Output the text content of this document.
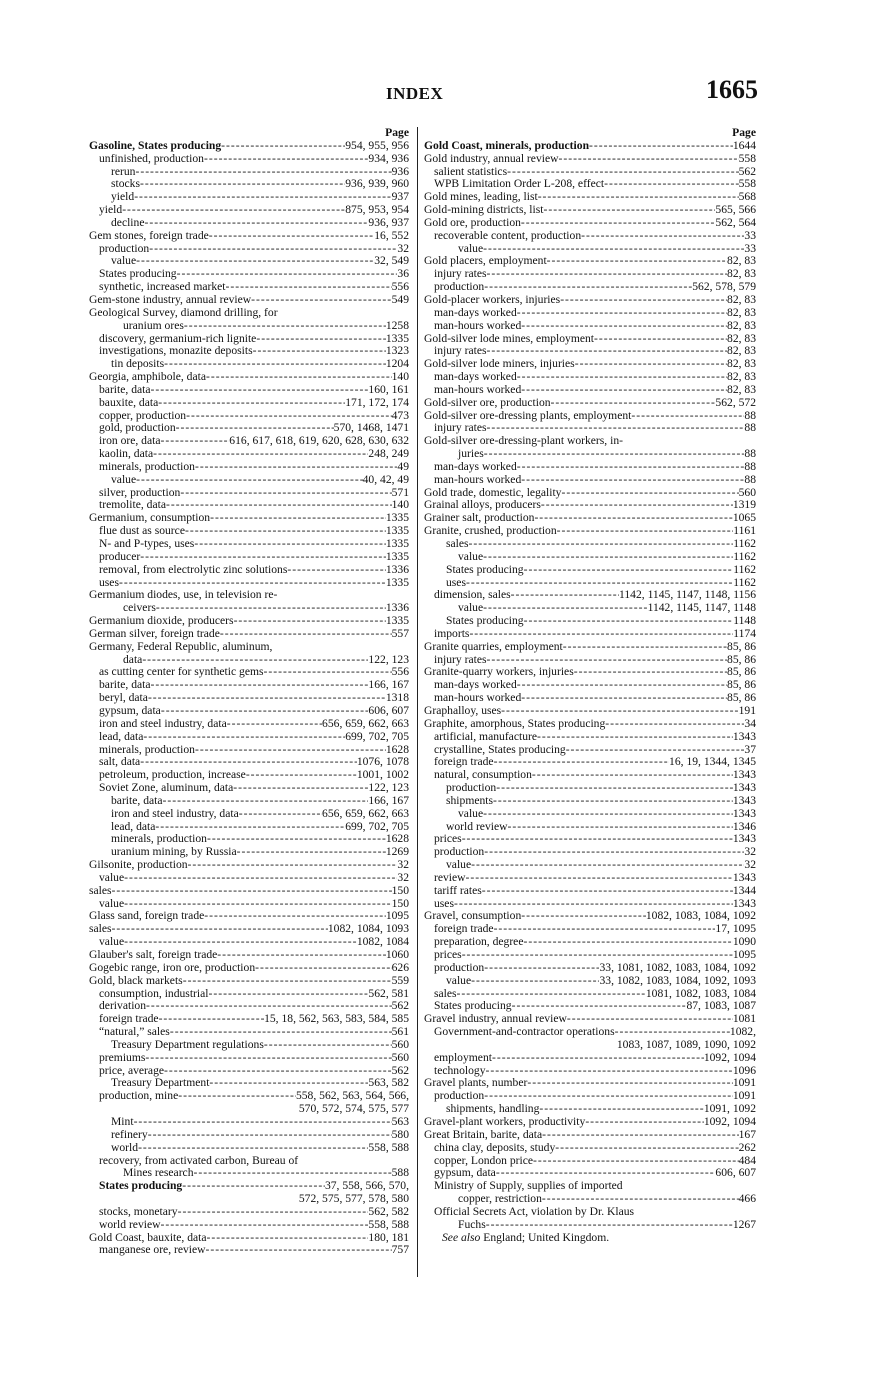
INDEX	1665
Page
Gasoline, States producing -----	954, 955, 956
unfinished, production -----	934, 936
rerun -----	936
stocks -----	936, 939, 960
yield -----	937
yield -----	875, 953, 954
decline -----	936, 937
Gem stones, foreign trade -----	16, 552
production -----	32
value -----	32, 549
States producing -----	36
synthetic, increased market -----	556
Gem-stone industry, annual review -----	549
Geological Survey, diamond drilling, for
uranium ores -----	1258
discovery, germanium-rich lignite -----	1335
investigations, monazite deposits -----	1323
tin deposits -----	1204
Georgia, amphibole, data -----	140
barite, data -----	160, 161
bauxite, data -----	171, 172, 174
copper, production -----	473
gold, production -----	570, 1468, 1471
iron ore, data -----	616, 617, 618, 619, 620, 628, 630, 632
kaolin, data -----	248, 249
minerals, production -----	49
value -----	40, 42, 49
silver, production -----	571
tremolite, data -----	140
Germanium, consumption -----	1335
flue dust as source -----	1335
N- and P-types, uses -----	1335
producer -----	1335
removal, from electrolytic zinc solutions -----	1336
uses -----	1335
Germanium diodes, use, in television re-
ceivers -----	1336
Germanium dioxide, producers -----	1335
German silver, foreign trade -----	557
Germany, Federal Republic, aluminum,
data -----	122, 123
as cutting center for synthetic gems -----	556
barite, data -----	166, 167
beryl, data -----	1318
gypsum, data -----	606, 607
iron and steel industry, data -----	656, 659, 662, 663
lead, data -----	699, 702, 705
minerals, production -----	1628
salt, data -----	1076, 1078
petroleum, production, increase -----	1001, 1002
Soviet Zone, aluminum, data -----	122, 123
barite, data -----	166, 167
iron and steel industry, data -----	656, 659, 662, 663
lead, data -----	699, 702, 705
minerals, production -----	1628
uranium mining, by Russia -----	1269
Gilsonite, production -----	32
value -----	32
sales -----	150
value -----	150
Glass sand, foreign trade -----	1095
sales -----	1082, 1084, 1093
value -----	1082, 1084
Glauber's salt, foreign trade -----	1060
Gogebic range, iron ore, production -----	626
Gold, black markets -----	559
consumption, industrial -----	562, 581
derivation -----	562
foreign trade -----	15, 18, 562, 563, 583, 584, 585
“natural,” sales -----	561
Treasury Department regulations -----	560
premiums -----	560
price, average -----	562
Treasury Department -----	563, 582
production, mine -----	558, 562, 563, 564, 566,
570, 572, 574, 575, 577
Mint -----	563
refinery -----	580
world -----	558, 588
recovery, from activated carbon, Bureau of
Mines research -----	588
States producing -----	37, 558, 566, 570,
572, 575, 577, 578, 580
stocks, monetary -----	562, 582
world review -----	558, 588
Gold Coast, bauxite, data -----	180, 181
manganese ore, review -----	757
Page
Gold Coast, minerals, production -----	1644
Gold industry, annual review -----	558
salient statistics -----	562
WPB Limitation Order L-208, effect -----	558
Gold mines, leading, list -----	568
Gold-mining districts, list -----	565, 566
Gold ore, production -----	562, 564
recoverable content, production -----	33
value -----	33
Gold placers, employment -----	82, 83
injury rates -----	82, 83
production -----	562, 578, 579
Gold-placer workers, injuries -----	82, 83
man-days worked -----	82, 83
man-hours worked -----	82, 83
Gold-silver lode mines, employment -----	82, 83
injury rates -----	82, 83
Gold-silver lode miners, injuries -----	82, 83
man-days worked -----	82, 83
man-hours worked -----	82, 83
Gold-silver ore, production -----	562, 572
Gold-silver ore-dressing plants, employment -----	88
injury rates -----	88
Gold-silver ore-dressing-plant workers, in-
juries -----	88
man-days worked -----	88
man-hours worked -----	88
Gold trade, domestic, legality -----	560
Grainal alloys, producers -----	1319
Grainer salt, production -----	1065
Granite, crushed, production -----	1161
sales -----	1162
value -----	1162
States producing -----	1162
uses -----	1162
dimension, sales -----	1142, 1145, 1147, 1148, 1156
value -----	1142, 1145, 1147, 1148
States producing -----	1148
imports -----	1174
Granite quarries, employment -----	85, 86
injury rates -----	85, 86
Granite-quarry workers, injuries -----	85, 86
man-days worked -----	85, 86
man-hours worked -----	85, 86
Graphalloy, uses -----	191
Graphite, amorphous, States producing -----	34
artificial, manufacture -----	1343
crystalline, States producing -----	37
foreign trade -----	16, 19, 1344, 1345
natural, consumption -----	1343
production -----	1343
shipments -----	1343
value -----	1343
world review -----	1346
prices -----	1343
production -----	32
value -----	32
review -----	1343
tariff rates -----	1344
uses -----	1343
Gravel, consumption -----	1082, 1083, 1084, 1092
foreign trade -----	17, 1095
preparation, degree -----	1090
prices -----	1095
production -----	33, 1081, 1082, 1083, 1084, 1092
value -----	33, 1082, 1083, 1084, 1092, 1093
sales -----	1081, 1082, 1083, 1084
States producing -----	87, 1083, 1087
Gravel industry, annual review -----	1081
Government-and-contractor operations -----	1082,
1083, 1087, 1089, 1090, 1092
employment -----	1092, 1094
technology -----	1096
Gravel plants, number -----	1091
production -----	1091
shipments, handling -----	1091, 1092
Gravel-plant workers, productivity -----	1092, 1094
Great Britain, barite, data -----	167
china clay, deposits, study -----	262
copper, London price -----	484
gypsum, data -----	606, 607
Ministry of Supply, supplies of imported
copper, restriction -----	466
Official Secrets Act, violation by Dr. Klaus
Fuchs -----	1267
See also England; United Kingdom.
